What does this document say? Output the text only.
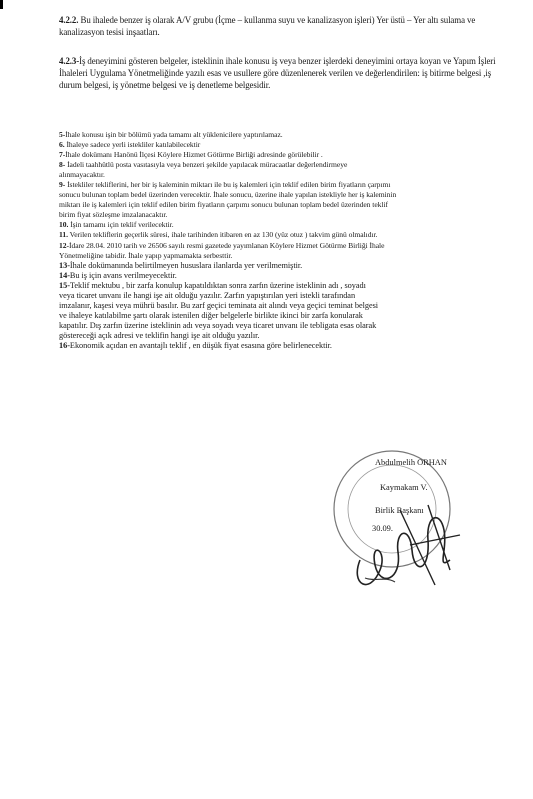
4.2.2. Bu ihalede benzer iş olarak A/V grubu (İçme – kullanma suyu ve kanalizasyon işleri) Yer üstü – Yer altı sulama ve kanalizasyon tesisi inşaatları.
4.2.3-İş deneyimini gösteren belgeler, isteklinin ihale konusu iş veya benzer işlerdeki deneyimini ortaya koyan ve Yapım İşleri İhaleleri Uygulama Yönetmeliğinde yazılı esas ve usullere göre düzenlenerek verilen ve değerlendirilen: iş bitirme belgesi ,iş durum belgesi, iş yönetme belgesi ve iş denetleme belgesidir.
5-İhale konusu işin bir bölümü yada tamamı alt yüklenicilere yaptırılamaz.
6. İhaleye sadece yerli istekliler katılabilecektir
7-İhale dokümanı Hanönü İlçesi Köylere Hizmet Götürme Birliği adresinde görülebilir .
8- İadeli taahhütlü posta vasıtasıyla veya benzeri şekilde yapılacak müracaatlar değerlendirmeye
alınmayacaktır.
9- İstekliler tekliflerini, her bir iş kaleminin miktarı ile bu iş kalemleri için teklif edilen birim fiyatların çarpımı
sonucu bulunan toplam bedel üzerinden verecektir. İhale sonucu, üzerine ihale yapılan istekliyle her iş kaleminin
miktarı ile iş kalemleri için teklif edilen birim fiyatların çarpımı sonucu bulunan toplam bedel üzerinden teklif
birim fiyat sözleşme imzalanacaktır.
10. İşin tamamı için teklif verilecektir.
11. Verilen tekliflerin geçerlik süresi, ihale tarihinden itibaren en az 130 (yüz otuz ) takvim günü olmalıdır.
12-İdare 28.04. 2010 tarih ve 26506 sayılı resmi gazetede yayımlanan Köylere Hizmet Götürme Birliği İhale
Yönetmeliğine tabidir. İhale yapıp yapmamakta serbesttir.
13-İhale dokümanında belirtilmeyen hususlara ilanlarda yer verilmemiştir.
14-Bu iş için avans verilmeyecektir.
15-Teklif mektubu , bir zarfa konulup kapatıldıktan sonra zarfın üzerine isteklinin adı , soyadı
veya ticaret unvanı ile hangi işe ait olduğu yazılır. Zarfın yapıştırılan yeri istekli tarafından
imzalanır, kaşesi veya mührü basılır. Bu zarf geçici teminata ait alındı veya geçici teminat belgesi
ve ihaleye katılabilme şartı olarak istenilen diğer belgelerle birlikte ikinci bir zarfa konularak
kapatılır. Dış zarfın üzerine isteklinin adı veya soyadı veya ticaret unvanı ile tebligata esas olarak
göstereceği açık adresi ve teklifin hangi işe ait olduğu yazılır.
16-Ekonomik açıdan en avantajlı teklif , en düşük fiyat esasına göre belirlenecektir.
Abdulmelih ORHAN
Kaymakam V.
Birlik Başkanı
30.09.
